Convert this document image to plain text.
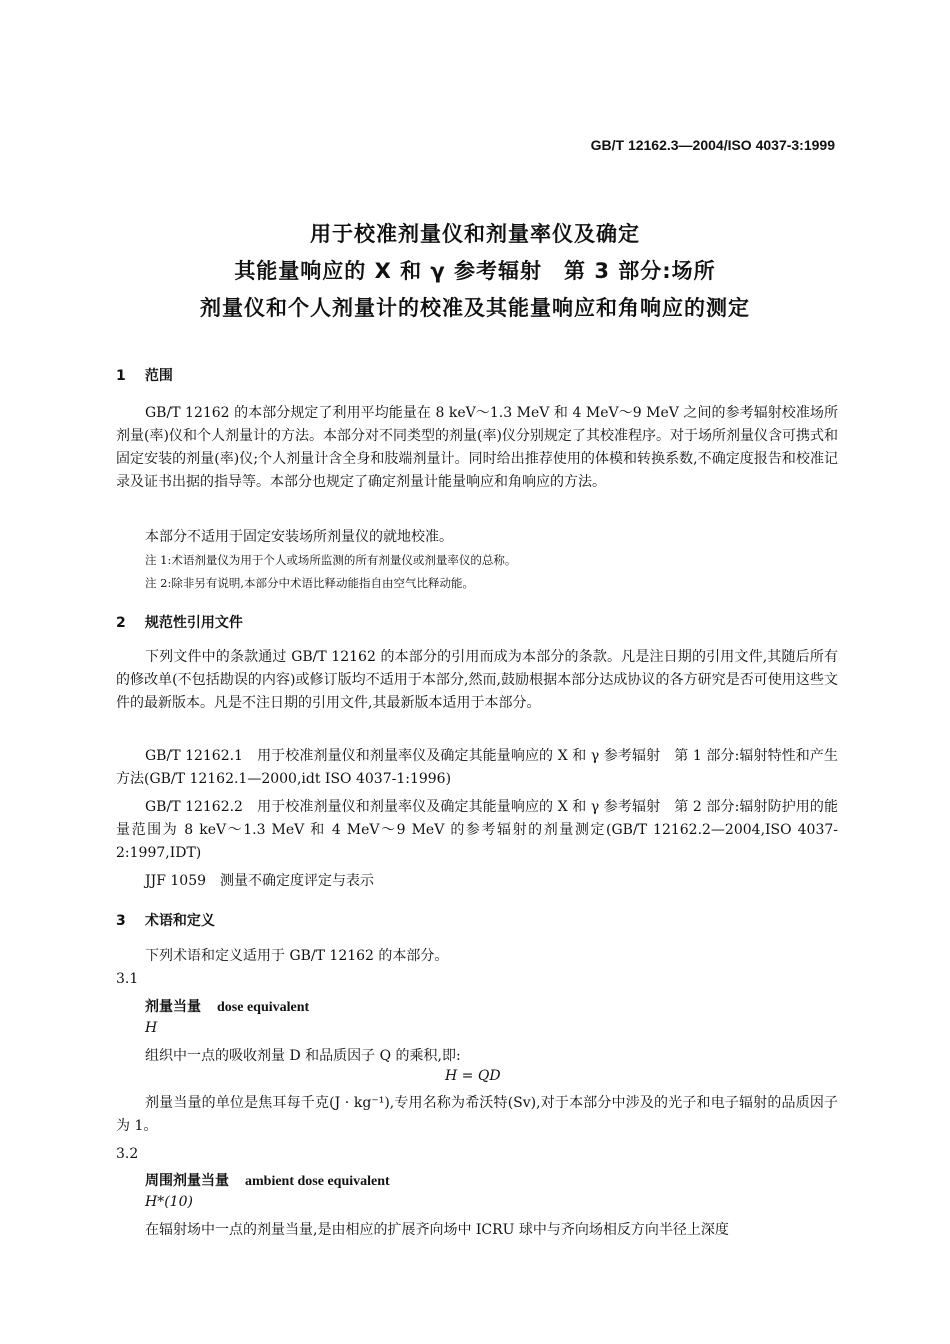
GB/T 12162.3—2004/ISO 4037-3:1999
用于校准剂量仪和剂量率仪及确定
其能量响应的 X 和 γ 参考辐射　第 3 部分:场所
剂量仪和个人剂量计的校准及其能量响应和角响应的测定
1 范围

GB/T 12162 的本部分规定了利用平均能量在 8 keV～1.3 MeV 和 4 MeV～9 MeV 之间的参考辐射校准场所剂量(率)仪和个人剂量计的方法。本部分对不同类型的剂量(率)仪分别规定了其校准程序。对于场所剂量仪含可携式和固定安装的剂量(率)仪;个人剂量计含全身和肢端剂量计。同时给出推荐使用的体模和转换系数,不确定度报告和校准记录及证书出据的指导等。本部分也规定了确定剂量计能量响应和角响应的方法。

本部分不适用于固定安装场所剂量仪的就地校准。
注 1:术语剂量仪为用于个人或场所监测的所有剂量仪或剂量率仪的总称。
注 2:除非另有说明,本部分中术语比释动能指自由空气比释动能。
2 规范性引用文件

下列文件中的条款通过 GB/T 12162 的本部分的引用而成为本部分的条款。凡是注日期的引用文件,其随后所有的修改单(不包括勘误的内容)或修订版均不适用于本部分,然而,鼓励根据本部分达成协议的各方研究是否可使用这些文件的最新版本。凡是不注日期的引用文件,其最新版本适用于本部分。

GB/T 12162.1 用于校准剂量仪和剂量率仪及确定其能量响应的 X 和 γ 参考辐射　第 1 部分:辐射特性和产生方法(GB/T 12162.1—2000,idt ISO 4037-1:1996)

GB/T 12162.2 用于校准剂量仪和剂量率仪及确定其能量响应的 X 和 γ 参考辐射　第 2 部分:辐射防护用的能量范围为 8 keV～1.3 MeV 和 4 MeV～9 MeV 的参考辐射的剂量测定(GB/T 12162.2—2004,ISO 4037-2:1997,IDT)

JJF 1059 测量不确定度评定与表示

3 术语和定义
下列术语和定义适用于 GB/T 12162 的本部分。
3.1
剂量当量 dose equivalent
H
组织中一点的吸收剂量 D 和品质因子 Q 的乘积,即:
H = QD

剂量当量的单位是焦耳每千克(J · kg⁻¹),专用名称为希沃特(Sv),对于本部分中涉及的光子和电子辐射的品质因子为 1。

3.2
周围剂量当量 ambient dose equivalent
H*(10)
在辐射场中一点的剂量当量,是由相应的扩展齐向场中 ICRU 球中与齐向场相反方向半径上深度
